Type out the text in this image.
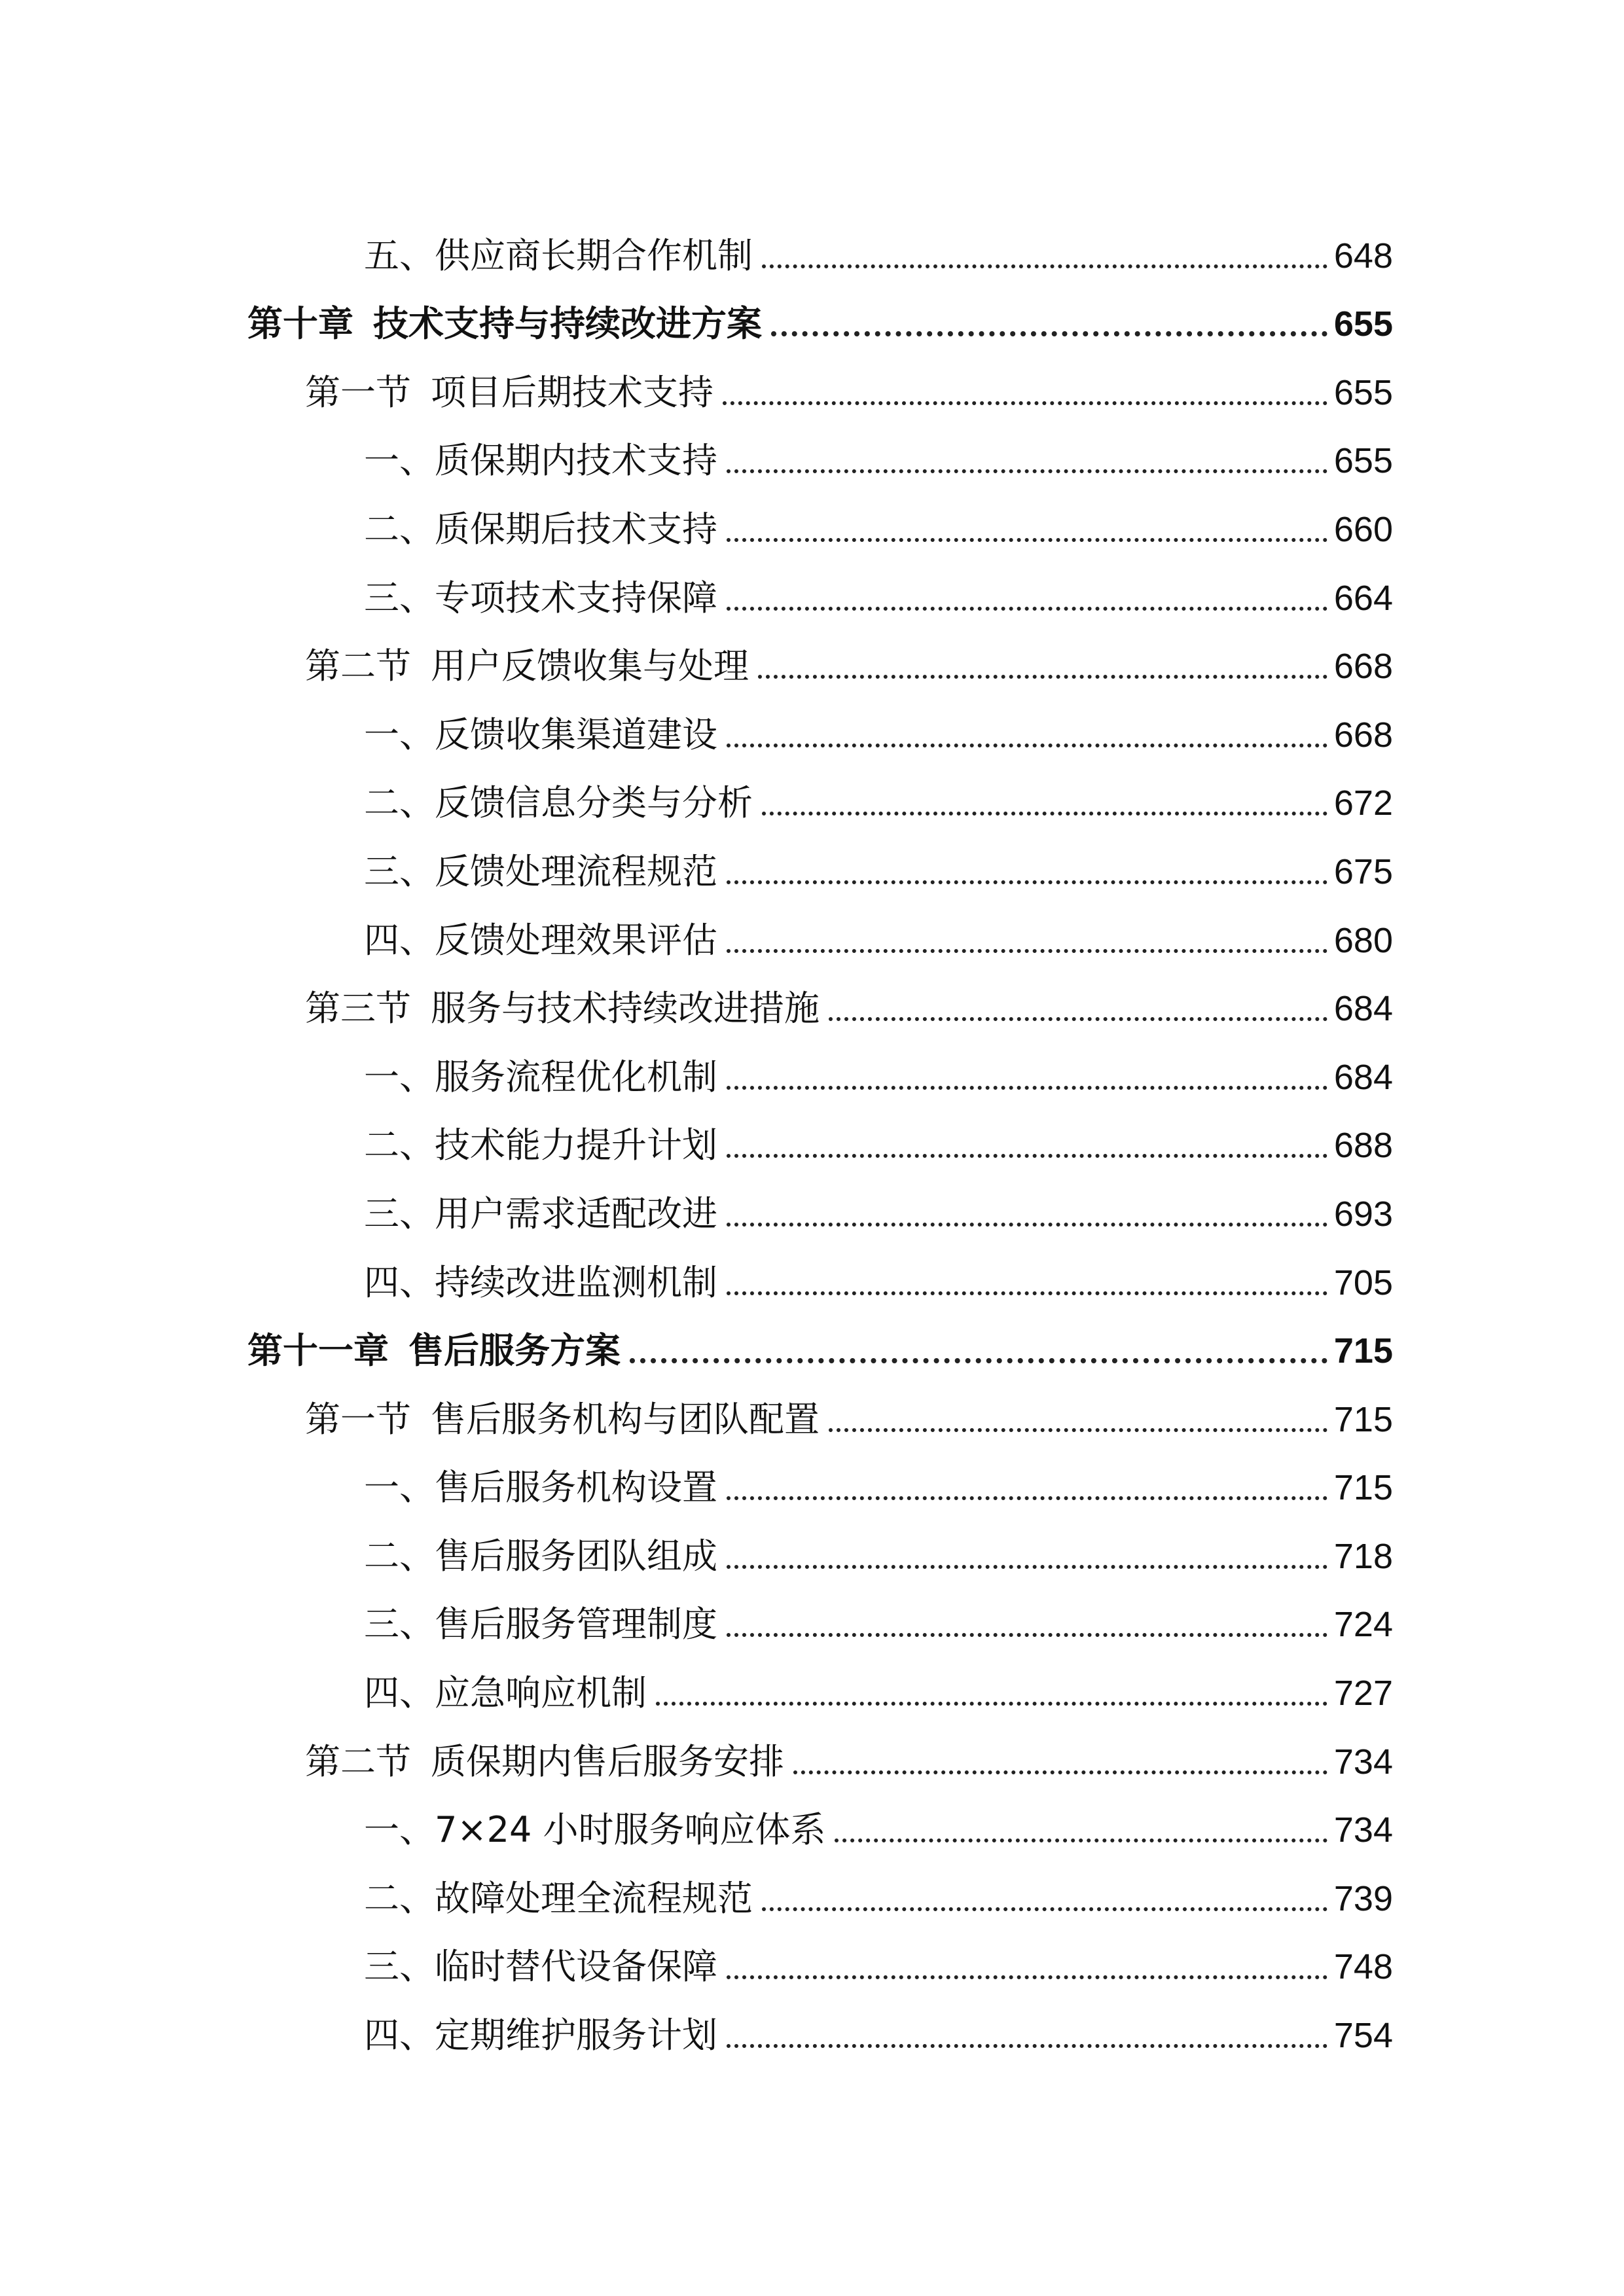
五、供应商长期合作机制	648
第十章 技术支持与持续改进方案	655
第一节 项目后期技术支持	655
一、质保期内技术支持	655
二、质保期后技术支持	660
三、专项技术支持保障	664
第二节 用户反馈收集与处理	668
一、反馈收集渠道建设	668
二、反馈信息分类与分析	672
三、反馈处理流程规范	675
四、反馈处理效果评估	680
第三节 服务与技术持续改进措施	684
一、服务流程优化机制	684
二、技术能力提升计划	688
三、用户需求适配改进	693
四、持续改进监测机制	705
第十一章 售后服务方案	715
第一节 售后服务机构与团队配置	715
一、售后服务机构设置	715
二、售后服务团队组成	718
三、售后服务管理制度	724
四、应急响应机制	727
第二节 质保期内售后服务安排	734
一、7×24 小时服务响应体系	734
二、故障处理全流程规范	739
三、临时替代设备保障	748
四、定期维护服务计划	754
